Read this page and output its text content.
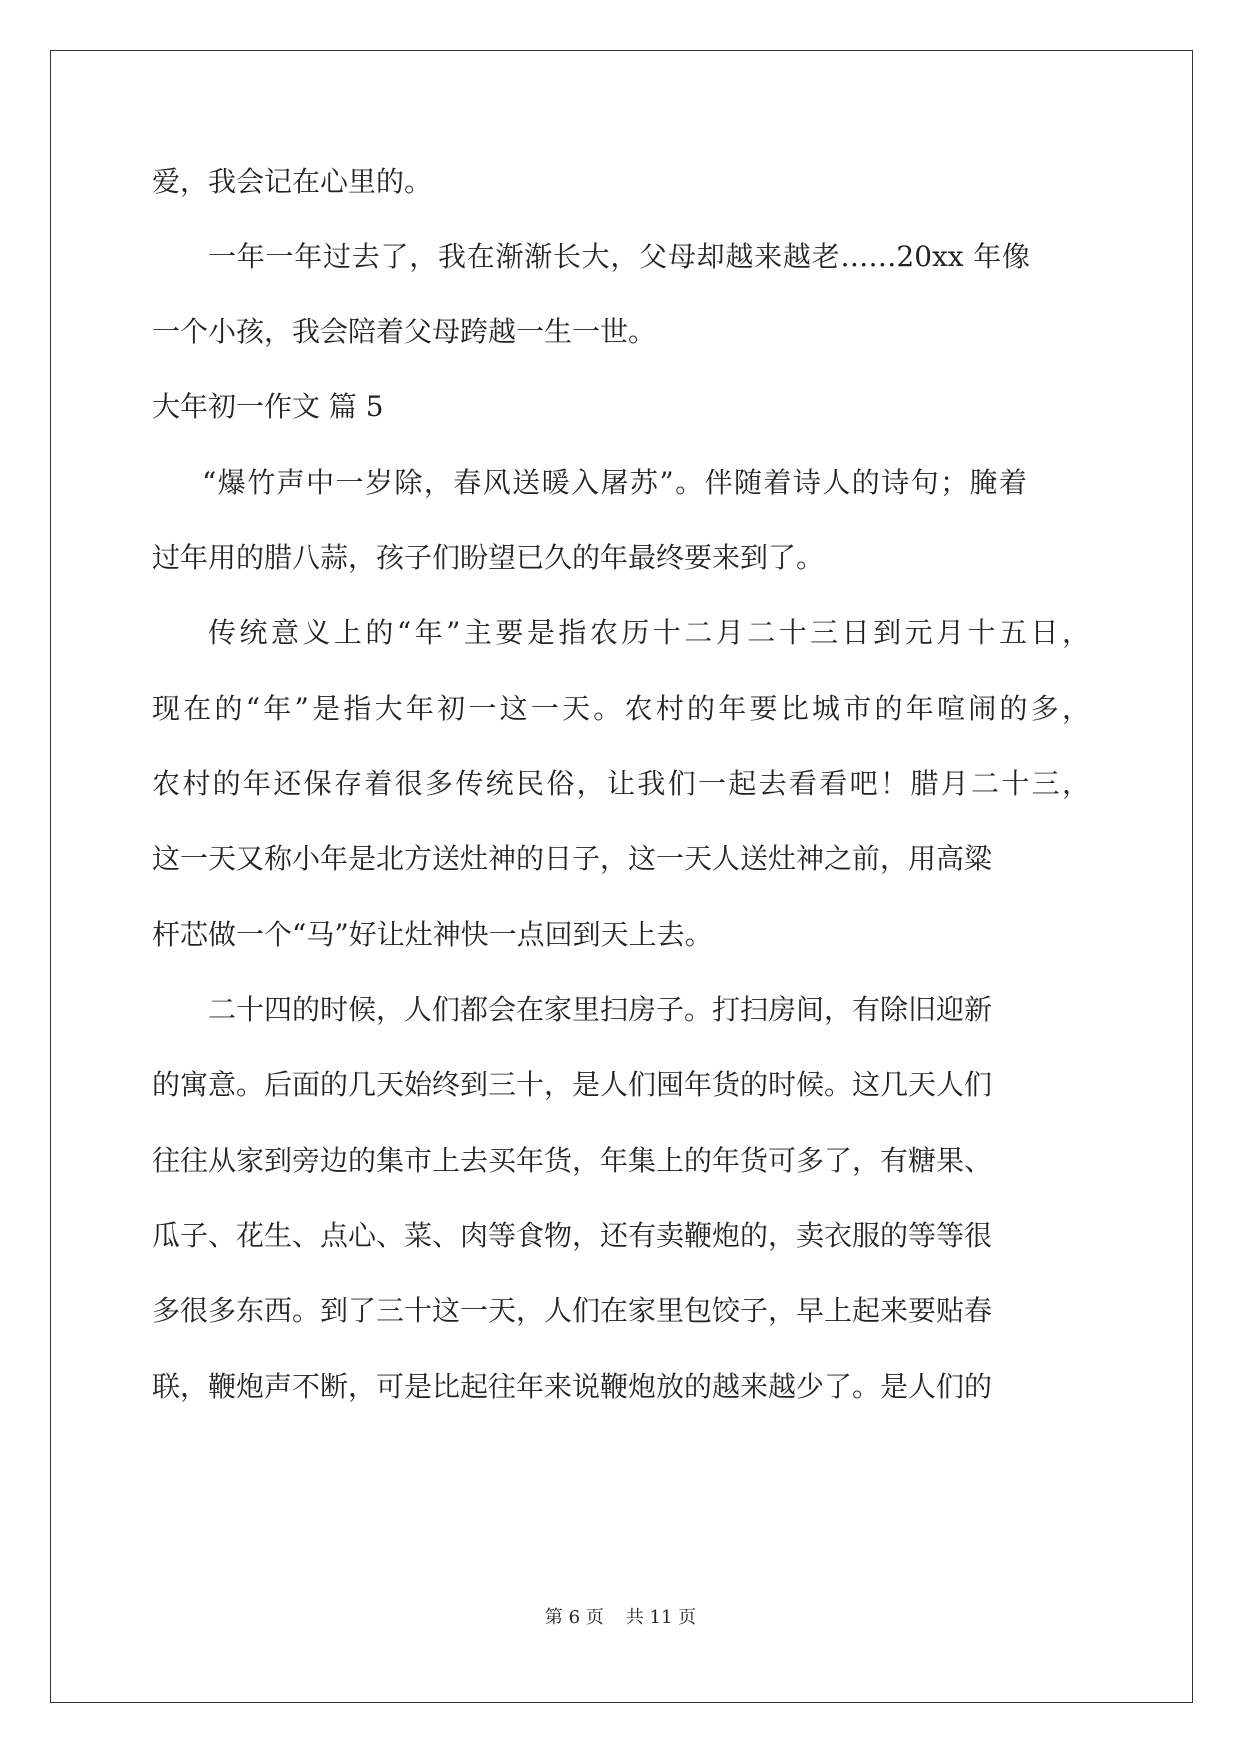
爱，我会记在心里的。
一年一年过去了，我在渐渐长大，父母却越来越老……20xx 年像
一个小孩，我会陪着父母跨越一生一世。
大年初一作文 篇 5
“爆竹声中一岁除，春风送暖入屠苏”。伴随着诗人的诗句；腌着
过年用的腊八蒜，孩子们盼望已久的年最终要来到了。
传统意义上的“年”主要是指农历十二月二十三日到元月十五日，
现在的“年”是指大年初一这一天。农村的年要比城市的年喧闹的多，
农村的年还保存着很多传统民俗，让我们一起去看看吧！腊月二十三，
这一天又称小年是北方送灶神的日子，这一天人送灶神之前，用高粱
杆芯做一个“马”好让灶神快一点回到天上去。
二十四的时候，人们都会在家里扫房子。打扫房间，有除旧迎新
的寓意。后面的几天始终到三十，是人们囤年货的时候。这几天人们
往往从家到旁边的集市上去买年货，年集上的年货可多了，有糖果、
瓜子、花生、点心、菜、肉等食物，还有卖鞭炮的，卖衣服的等等很
多很多东西。到了三十这一天，人们在家里包饺子，早上起来要贴春
联，鞭炮声不断，可是比起往年来说鞭炮放的越来越少了。是人们的
第 6 页 共 11 页
